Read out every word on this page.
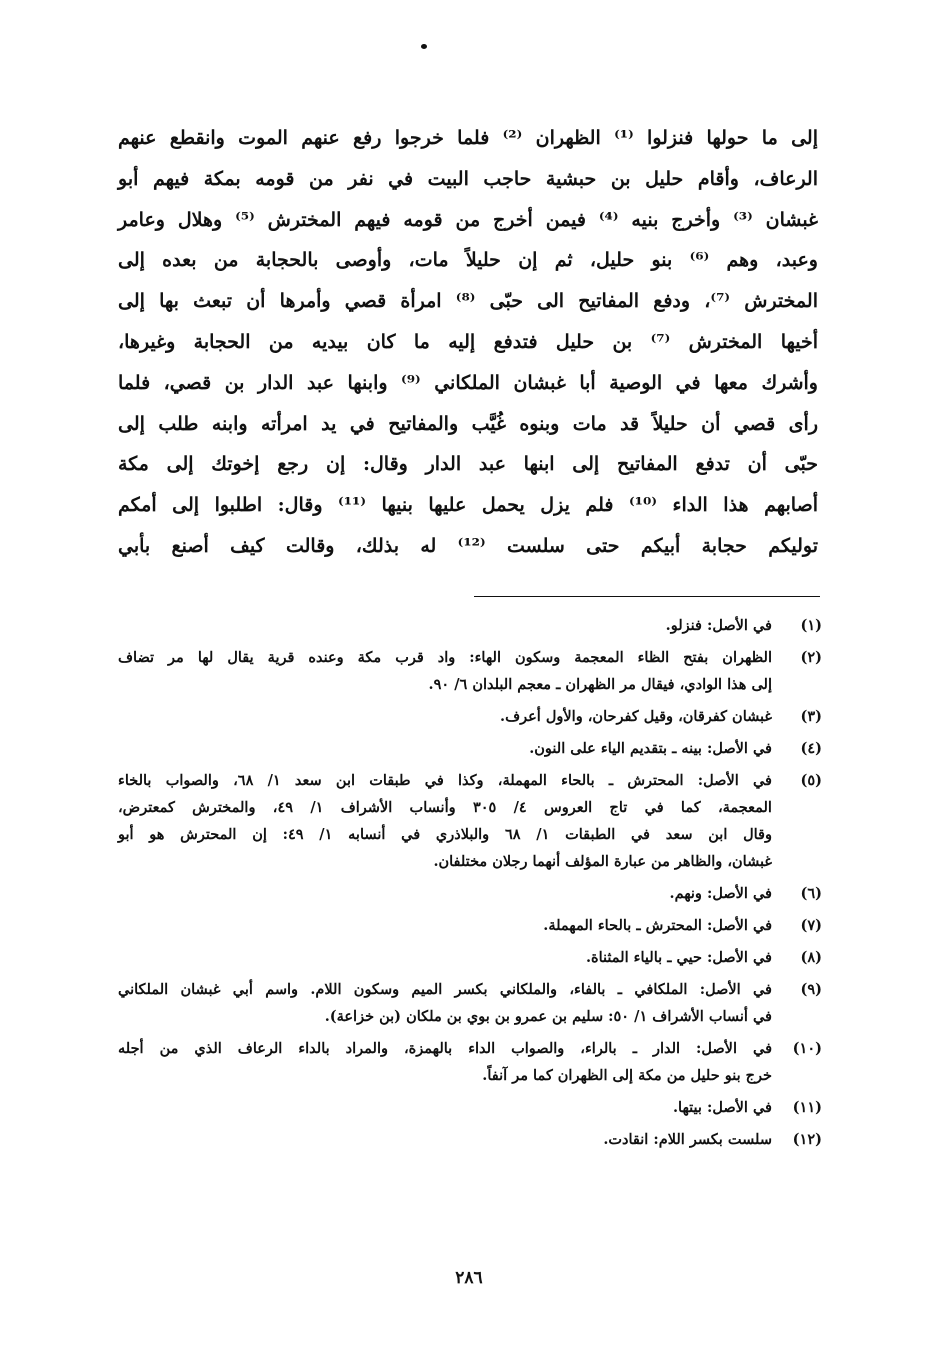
إلى ما حولها فنزلوا ⁽¹⁾ الظهران ⁽²⁾ فلما خرجوا رفع عنهم الموت وانقطع عنهم
الرعاف، وأقام حليل بن حبشية حاجب البيت في نفر من قومه بمكة فيهم أبو
غبشان ⁽³⁾ وأخرج بنيه ⁽⁴⁾ فيمن أخرج من قومه فيهم المخترش ⁽⁵⁾ وهلال وعامر
وعبد، وهم ⁽⁶⁾ بنو حليل، ثم إن حليلاً مات، وأوصى بالحجابة من بعده إلى
المخترش ⁽⁷⁾، ودفع المفاتيح الى حبّى ⁽⁸⁾ امرأة قصي وأمرها أن تبعث بها إلى
أخيها المخترش ⁽⁷⁾ بن حليل فتدفع إليه ما كان بيديه من الحجابة وغيرها،
وأشرك معها في الوصية أبا غبشان الملكاني ⁽⁹⁾ وابنها عبد الدار بن قصي، فلما
رأى قصي أن حليلاً قد مات وبنوه غُيَّب والمفاتيح في يد امرأته وابنه طلب إلى
حبّى أن تدفع المفاتيح إلى ابنها عبد الدار وقال: إن رجع إخوتك إلى مكة
أصابهم هذا الداء ⁽¹⁰⁾ فلم يزل يحمل عليها بنيها ⁽¹¹⁾ وقال: اطلبوا إلى أمكم
توليكم حجابة أبيكم حتى سلست ⁽¹²⁾ له بذلك، وقالت كيف أصنع بأبي
(١)
في الأصل: فنزلو.
(٢)
الظهران بفتح الظاء المعجمة وسكون الهاء: واد قرب مكة وعنده قرية يقال لها مر تضاف
إلى هذا الوادي، فيقال مر الظهران ـ معجم البلدان ٦/ ٩٠.
(٣)
غبشان كفرقان، وقيل كفرحان، والأول أعرف.
(٤)
في الأصل: بينه ـ بتقديم الياء على النون.
(٥)
في الأصل: المحترش ـ بالحاء المهملة، وكذا في طبقات ابن سعد ١/ ٦٨، والصواب بالخاء
المعجمة، كما في تاج العروس ٤/ ٣٠٥ وأنساب الأشراف ١/ ٤٩، والمخترش كمعترض،
وقال ابن سعد في الطبقات ١/ ٦٨ والبلاذري في أنسابه ١/ ٤٩: إن المحترش هو أبو
غبشان، والظاهر من عبارة المؤلف أنهما رجلان مختلفان.
(٦)
في الأصل: ونهم.
(٧)
في الأصل: المحترش ـ بالحاء المهملة.
(٨)
في الأصل: حيي ـ بالياء المثناة.
(٩)
في الأصل: الملكافي ـ بالفاء، والملكاني بكسر الميم وسكون اللام. واسم أبي غبشان الملكاني
في أنساب الأشراف ١/ ٥٠: سليم بن عمرو بن بوي بن ملكان (بن خزاعة).
(١٠)
في الأصل: الدار ـ بالراء، والصواب الداء بالهمزة، والمراد بالداء الرعاف الذي من أجله
خرج بنو حليل من مكة إلى الظهران كما مر آنفاً.
(١١)
في الأصل: بيتها.
(١٢)
سلست بكسر اللام: انقادت.
٢٨٦
